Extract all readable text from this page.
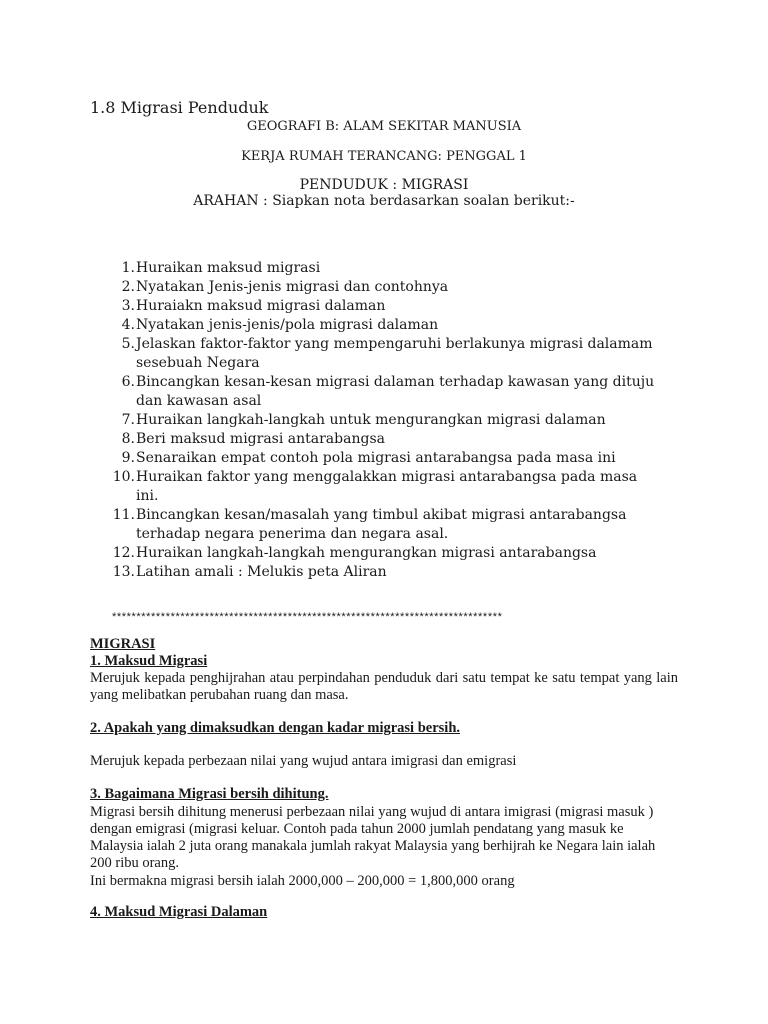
1.8 Migrasi Penduduk
GEOGRAFI B: ALAM SEKITAR MANUSIA
KERJA RUMAH TERANCANG: PENGGAL 1
PENDUDUK : MIGRASI
ARAHAN : Siapkan nota berdasarkan soalan berikut:-
1. Huraikan maksud migrasi
2. Nyatakan Jenis-jenis migrasi dan contohnya
3. Huraiakn maksud migrasi dalaman
4. Nyatakan jenis-jenis/pola migrasi dalaman
5. Jelaskan faktor-faktor yang mempengaruhi berlakunya migrasi dalamam sesebuah Negara
6. Bincangkan kesan-kesan migrasi dalaman terhadap kawasan yang dituju dan kawasan asal
7. Huraikan langkah-langkah untuk mengurangkan migrasi dalaman
8. Beri maksud migrasi antarabangsa
9. Senaraikan empat contoh pola migrasi antarabangsa pada masa ini
10. Huraikan faktor yang menggalakkan migrasi antarabangsa pada masa ini.
11. Bincangkan kesan/masalah yang timbul akibat migrasi antarabangsa terhadap negara penerima dan negara asal.
12. Huraikan langkah-langkah mengurangkan migrasi antarabangsa
13. Latihan amali : Melukis peta Aliran
********************************************************************************

MIGRASI

1. Maksud Migrasi

Merujuk kepada penghijrahan atau perpindahan penduduk dari satu tempat ke satu tempat yang lain yang melibatkan perubahan ruang dan masa.

2. Apakah yang dimaksudkan dengan kadar migrasi bersih.

Merujuk kepada perbezaan nilai yang wujud antara imigrasi dan emigrasi

3. Bagaimana Migrasi bersih dihitung.

Migrasi bersih dihitung menerusi perbezaan nilai yang wujud di antara imigrasi (migrasi masuk ) dengan emigrasi (migrasi keluar. Contoh pada tahun 2000 jumlah pendatang yang masuk ke Malaysia ialah 2 juta orang manakala jumlah rakyat Malaysia yang berhijrah ke Negara lain ialah 200 ribu orang.

Ini bermakna migrasi bersih ialah 2000,000 – 200,000 = 1,800,000 orang

4. Maksud Migrasi Dalaman
